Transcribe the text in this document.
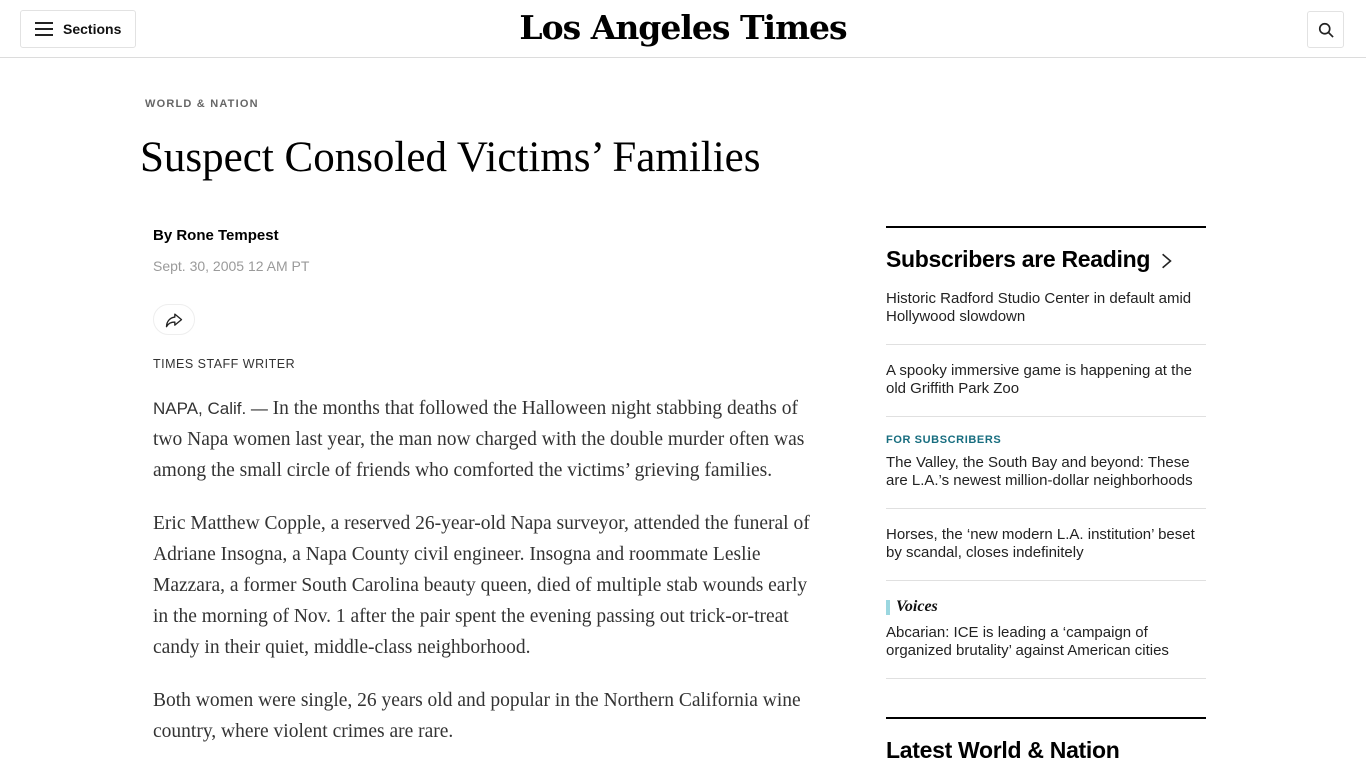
Sections	Los Angeles Times
WORLD & NATION
Suspect Consoled Victims’ Families
By Rone Tempest
Sept. 30, 2005 12 AM PT
TIMES STAFF WRITER

NAPA, Calif. — In the months that followed the Halloween night stabbing deaths of two Napa women last year, the man now charged with the double murder often was among the small circle of friends who comforted the victims’ grieving families.

Eric Matthew Copple, a reserved 26-year-old Napa surveyor, attended the funeral of Adriane Insogna, a Napa County civil engineer. Insogna and roommate Leslie Mazzara, a former South Carolina beauty queen, died of multiple stab wounds early in the morning of Nov. 1 after the pair spent the evening passing out trick-or-treat candy in their quiet, middle-class neighborhood.

Both women were single, 26 years old and popular in the Northern California wine country, where violent crimes are rare.

Subscribers are Reading
Historic Radford Studio Center in default amid Hollywood slowdown
A spooky immersive game is happening at the old Griffith Park Zoo
FOR SUBSCRIBERS
The Valley, the South Bay and beyond: These are L.A.’s newest million-dollar neighborhoods
Horses, the ‘new modern L.A. institution’ beset by scandal, closes indefinitely
Voices
Abcarian: ICE is leading a ‘campaign of organized brutality’ against American cities
Latest World & Nation
